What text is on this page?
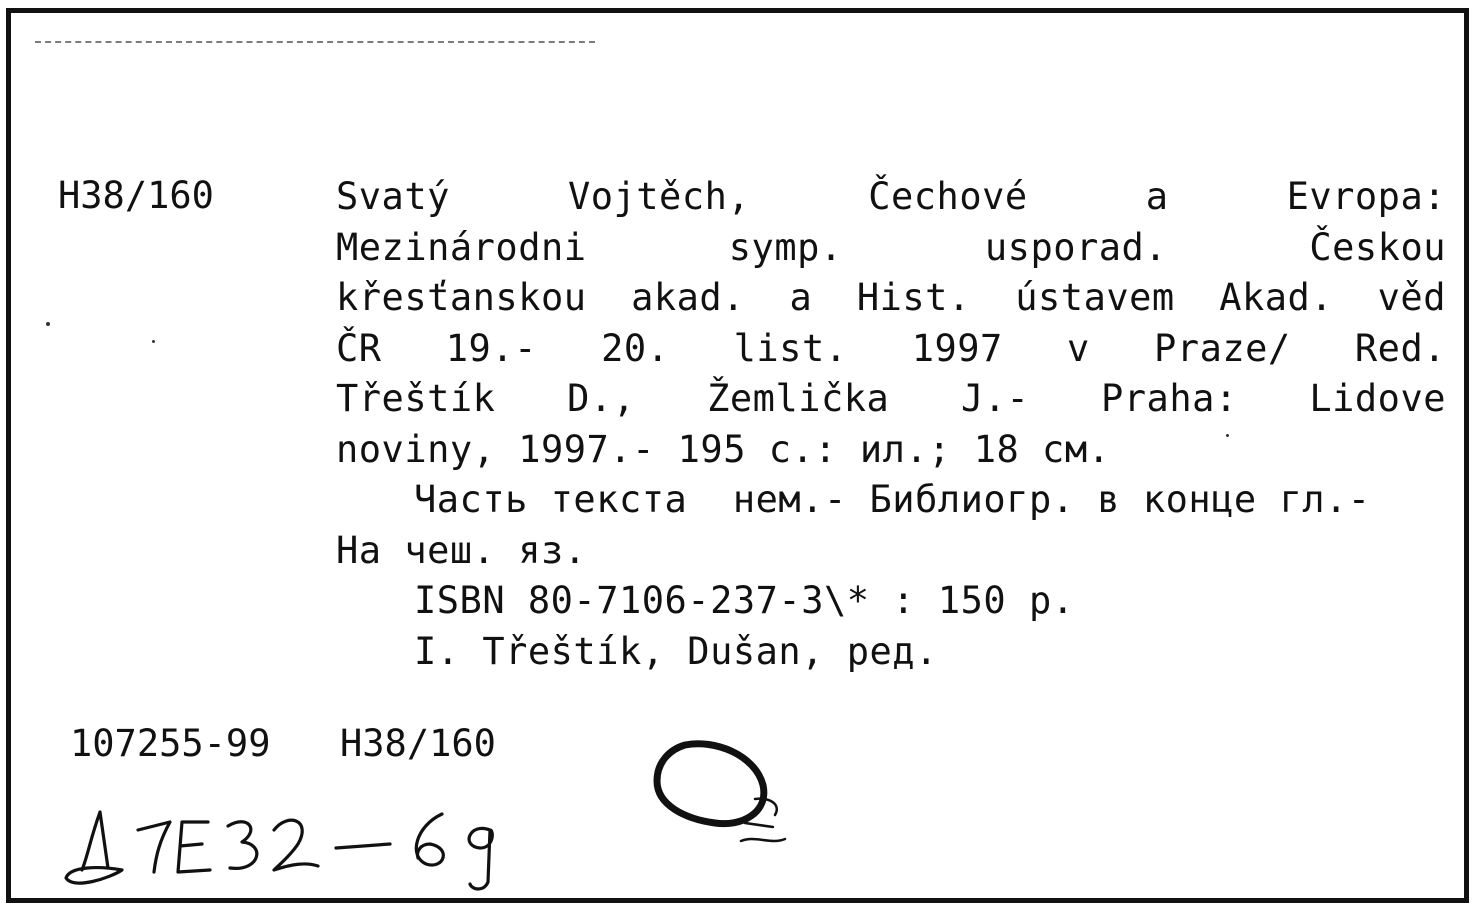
H38/160	Svatý Vojtěch, Čechové a Evropa:
Mezinárodni symp. usporad. Českou
křesťanskou akad. a Hist. ústavem Akad. věd
ČR 19.- 20. list. 1997 v Praze/ Red.
Třeštík D., Žemlička J.- Praha: Lidove
noviny, 1997.- 195 с.: ил.; 18 см.
Часть текста  нем.- Библиогр. в конце гл.-
На чеш. яз.
ISBN 80-7106-237-3\* : 150 р.
I. Třeštík, Dušan, ред.
107255-99 H38/160
